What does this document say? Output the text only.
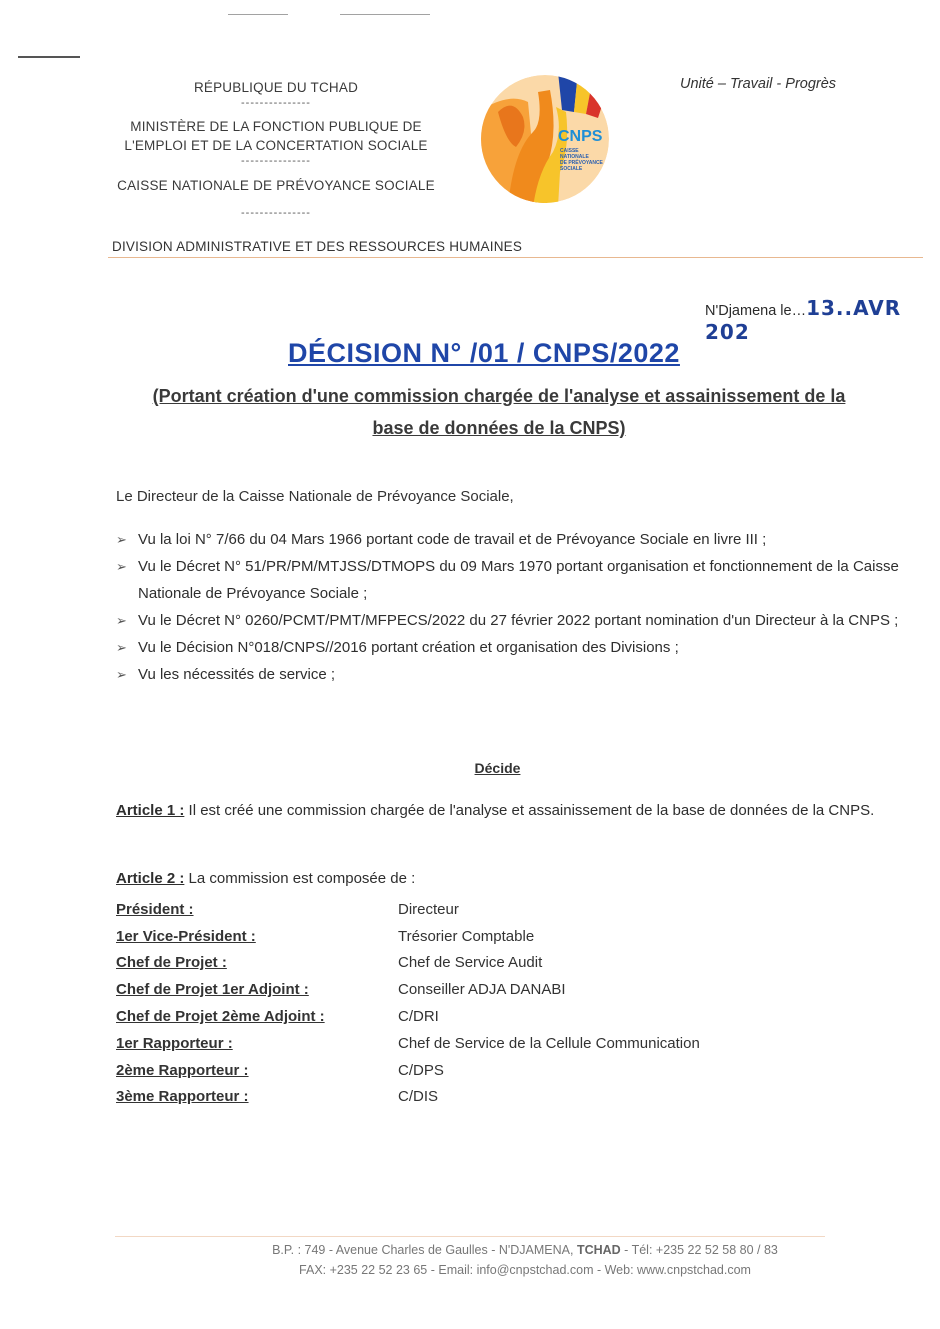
RÉPUBLIQUE DU TCHAD
---------------
MINISTÈRE DE LA FONCTION PUBLIQUE DE
L'EMPLOI ET DE LA CONCERTATION SOCIALE
---------------
CAISSE NATIONALE DE PRÉVOYANCE SOCIALE
---------------
CNPS
CAISSE
NATIONALE
DE PRÉVOYANCE
SOCIALE
Unité – Travail - Progrès
DIVISION ADMINISTRATIVE ET DES RESSOURCES HUMAINES
N'Djamena le…13..AVR 202
DÉCISION N° /01 / CNPS/2022
(Portant création d'une commission chargée de l'analyse et assainissement de la
base de données de la CNPS)
Le Directeur de la Caisse Nationale de Prévoyance Sociale,
➢ Vu la loi N° 7/66 du 04 Mars 1966 portant code de travail et de Prévoyance Sociale en livre III ;
➢ Vu le Décret N° 51/PR/PM/MTJSS/DTMOPS du 09 Mars 1970 portant organisation et fonctionnement de la Caisse Nationale de Prévoyance Sociale ;
➢ Vu le Décret N° 0260/PCMT/PMT/MFPECS/2022 du 27 février 2022 portant nomination d'un Directeur à la CNPS ;
➢ Vu le Décision N°018/CNPS//2016 portant création et organisation des Divisions ;
➢ Vu les nécessités de service ;
Décide
Article 1 : Il est créé une commission chargée de l'analyse et assainissement de la base de données de la CNPS.
Article 2 : La commission est composée de :
Président :	Directeur
1er Vice-Président :	Trésorier Comptable
Chef de Projet :	Chef de Service Audit
Chef de Projet 1er Adjoint :	Conseiller ADJA DANABI
Chef de Projet 2ème Adjoint :	C/DRI
1er Rapporteur :	Chef de Service de la Cellule Communication
2ème Rapporteur :	C/DPS
3ème Rapporteur :	C/DIS
B.P. : 749 - Avenue Charles de Gaulles - N'DJAMENA, TCHAD - Tél: +235 22 52 58 80 / 83
FAX: +235 22 52 23 65 - Email: info@cnpstchad.com - Web: www.cnpstchad.com
